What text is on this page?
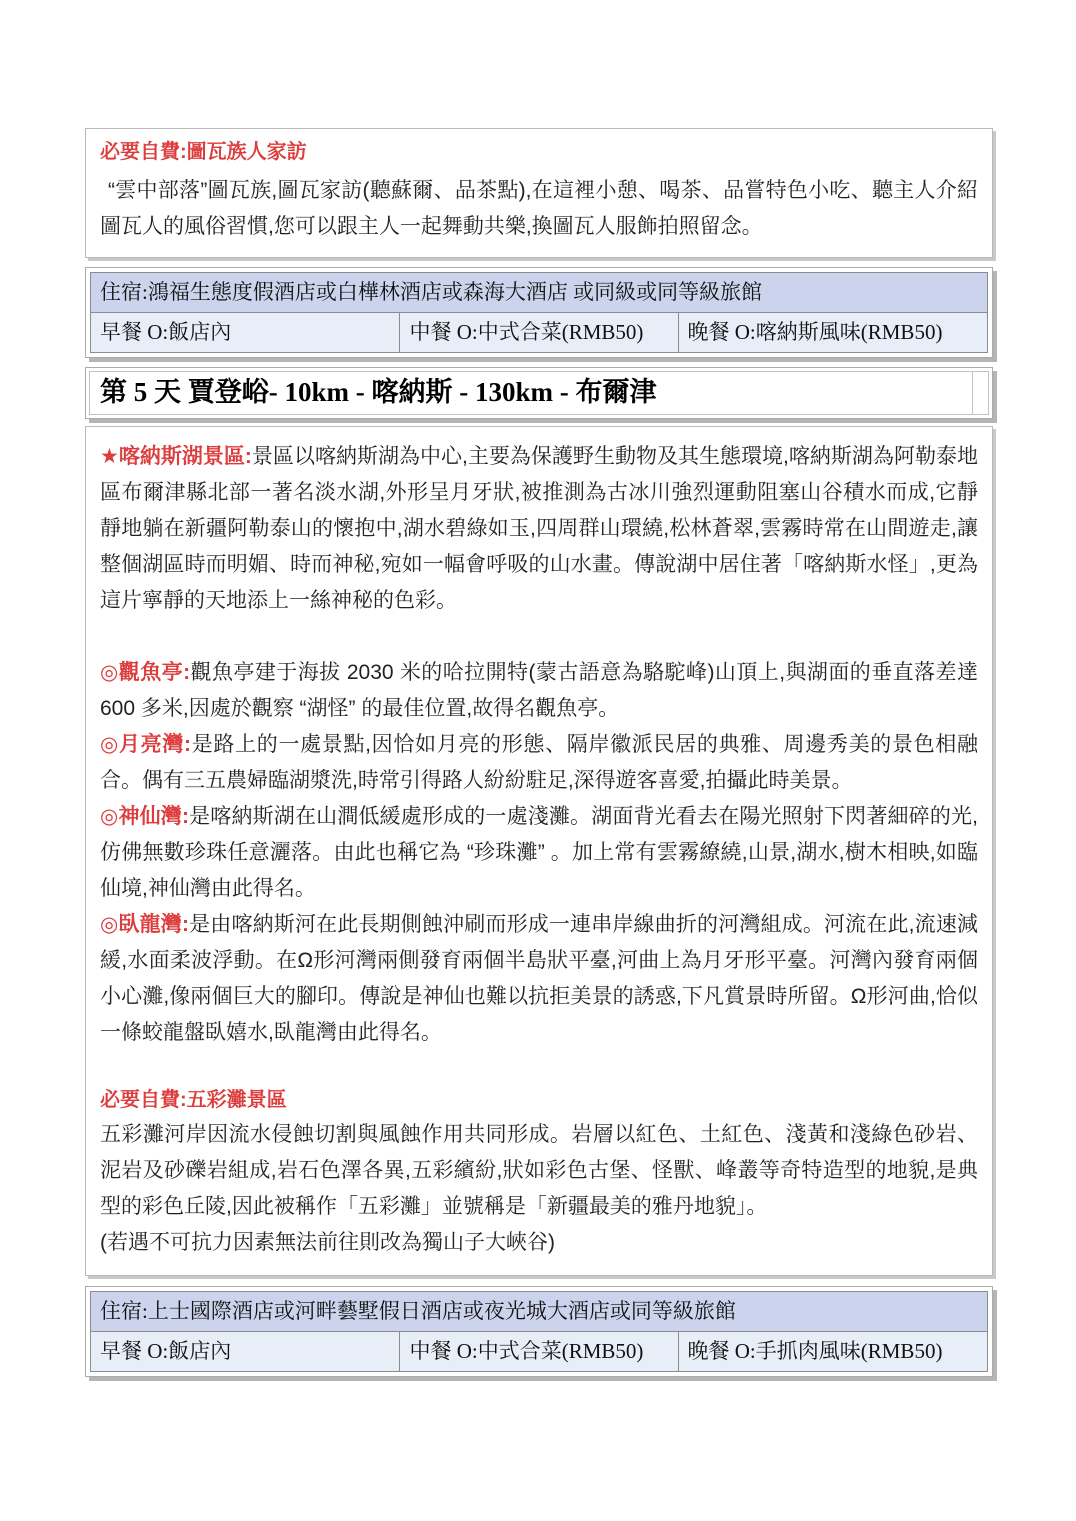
必要自費:圖瓦族人家訪

“雲中部落”圖瓦族,圖瓦家訪(聽蘇爾、品茶點),在這裡小憩、喝茶、品嘗特色小吃、聽主人介紹圖瓦人的風俗習慣,您可以跟主人一起舞動共樂,換圖瓦人服飾拍照留念。

住宿:鴻福生態度假酒店或白樺林酒店或森海大酒店 或同級或同等級旅館
早餐 O:飯店內	中餐 O:中式合菜(RMB50)	晚餐 O:喀納斯風味(RMB50)
第 5 天 賈登峪- 10km - 喀納斯 - 130km - 布爾津	

★喀納斯湖景區:景區以喀納斯湖為中心,主要為保護野生動物及其生態環境,喀納斯湖為阿勒泰地區布爾津縣北部一著名淡水湖,外形呈月牙狀,被推測為古冰川強烈運動阻塞山谷積水而成,它靜靜地躺在新疆阿勒泰山的懷抱中,湖水碧綠如玉,四周群山環繞,松林蒼翠,雲霧時常在山間遊走,讓整個湖區時而明媚、時而神秘,宛如一幅會呼吸的山水畫。傳說湖中居住著「喀納斯水怪」,更為這片寧靜的天地添上一絲神秘的色彩。

◎觀魚亭:觀魚亭建于海拔 2030 米的哈拉開特(蒙古語意為駱駝峰)山頂上,與湖面的垂直落差達 600 多米,因處於觀察 “湖怪” 的最佳位置,故得名觀魚亭。

◎月亮灣:是路上的一處景點,因恰如月亮的形態、隔岸徽派民居的典雅、周邊秀美的景色相融合。偶有三五農婦臨湖漿洗,時常引得路人紛紛駐足,深得遊客喜愛,拍攝此時美景。

◎神仙灣:是喀納斯湖在山澗低緩處形成的一處淺灘。湖面背光看去在陽光照射下閃著細碎的光,仿佛無數珍珠任意灑落。由此也稱它為 “珍珠灘” 。加上常有雲霧繚繞,山景,湖水,樹木相映,如臨仙境,神仙灣由此得名。

◎臥龍灣:是由喀納斯河在此長期側蝕沖刷而形成一連串岸線曲折的河灣組成。河流在此,流速減緩,水面柔波浮動。在Ω形河灣兩側發育兩個半島狀平臺,河曲上為月牙形平臺。河灣內發育兩個小心灘,像兩個巨大的腳印。傳說是神仙也難以抗拒美景的誘惑,下凡賞景時所留。Ω形河曲,恰似一條蛟龍盤臥嬉水,臥龍灣由此得名。

必要自費:五彩灘景區

五彩灘河岸因流水侵蝕切割與風蝕作用共同形成。岩層以紅色、土紅色、淺黃和淺綠色砂岩、泥岩及砂礫岩組成,岩石色澤各異,五彩繽紛,狀如彩色古堡、怪獸、峰叢等奇特造型的地貌,是典型的彩色丘陵,因此被稱作「五彩灘」並號稱是「新疆最美的雅丹地貌」。

(若遇不可抗力因素無法前往則改為獨山子大峽谷)

住宿:上士國際酒店或河畔藝墅假日酒店或夜光城大酒店或同等級旅館
早餐 O:飯店內	中餐 O:中式合菜(RMB50)	晚餐 O:手抓肉風味(RMB50)
